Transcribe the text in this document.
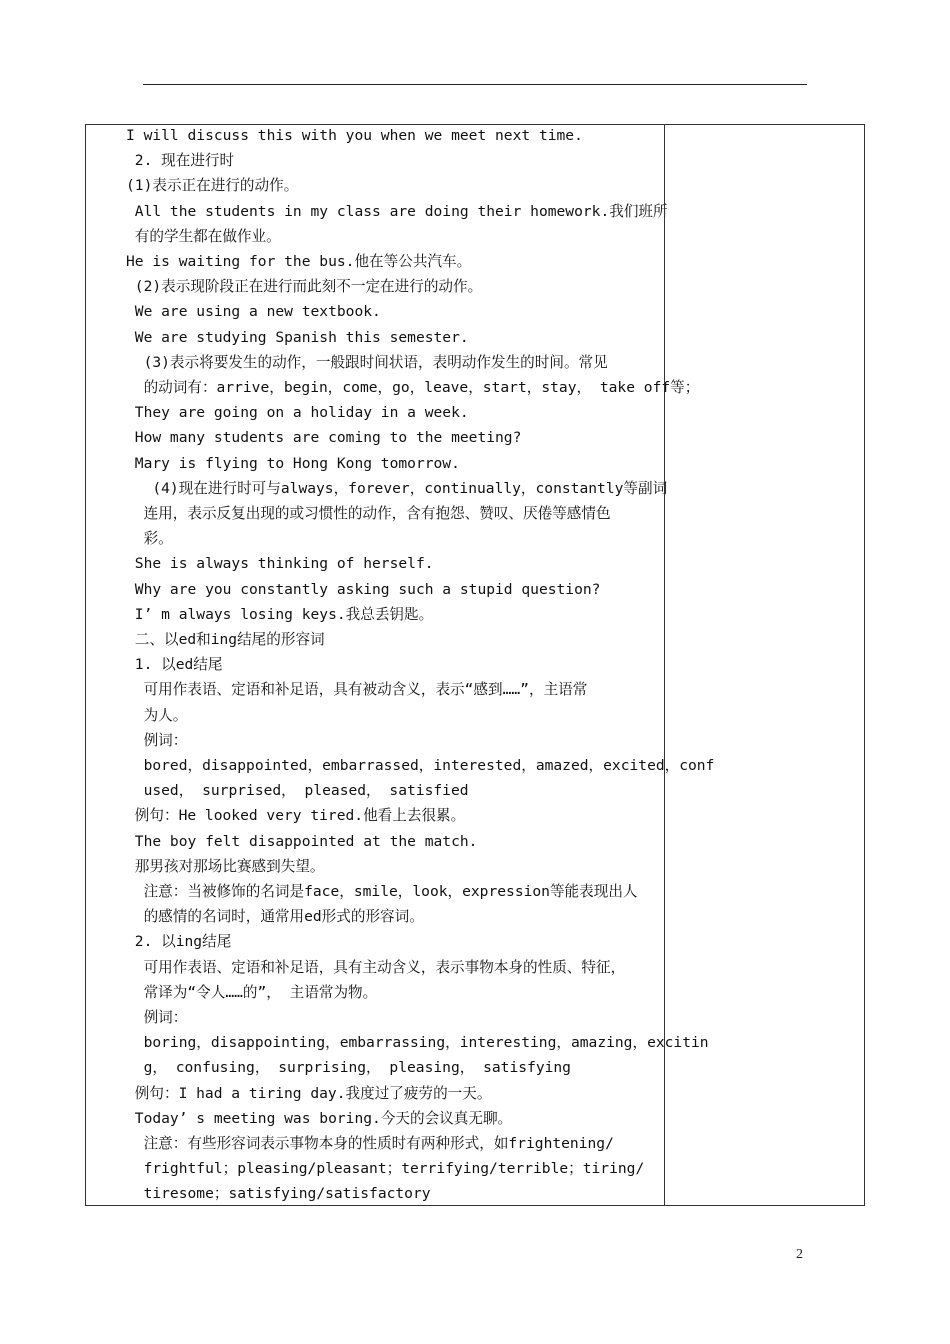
I will discuss this with you when we meet next time.
2. 现在进行时
(1)表示正在进行的动作。
All the students in my class are doing their homework.我们班所
有的学生都在做作业。
He is waiting for the bus.他在等公共汽车。
(2)表示现阶段正在进行而此刻不一定在进行的动作。
We are using a new textbook.
We are studying Spanish this semester.
(3)表示将要发生的动作，一般跟时间状语，表明动作发生的时间。常见
的动词有：arrive，begin，come，go，leave，start，stay， take off等；
They are going on a holiday in a week.
How many students are coming to the meeting?
Mary is flying to Hong Kong tomorrow.
(4)现在进行时可与always，forever，continually，constantly等副词
连用，表示反复出现的或习惯性的动作，含有抱怨、赞叹、厌倦等感情色
彩。
She is always thinking of herself.
Why are you constantly asking such a stupid question?
I’ m always losing keys.我总丢钥匙。
二、以ed和ing结尾的形容词
1. 以ed结尾
可用作表语、定语和补足语，具有被动含义，表示“感到……”，主语常
为人。
例词：
bored，disappointed，embarrassed，interested，amazed，excited，conf
used， surprised， pleased， satisfied
例句：He looked very tired.他看上去很累。
The boy felt disappointed at the match.
那男孩对那场比赛感到失望。
注意：当被修饰的名词是face，smile，look，expression等能表现出人
的感情的名词时，通常用ed形式的形容词。
2. 以ing结尾
可用作表语、定语和补足语，具有主动含义，表示事物本身的性质、特征，
常译为“令人……的”， 主语常为物。
例词：
boring，disappointing，embarrassing，interesting，amazing，excitin
g， confusing， surprising， pleasing， satisfying
例句：I had a tiring day.我度过了疲劳的一天。
Today’ s meeting was boring.今天的会议真无聊。
注意：有些形容词表示事物本身的性质时有两种形式，如frightening/
frightful；pleasing/pleasant；terrifying/terrible；tiring/
tiresome；satisfying/satisfactory
2
